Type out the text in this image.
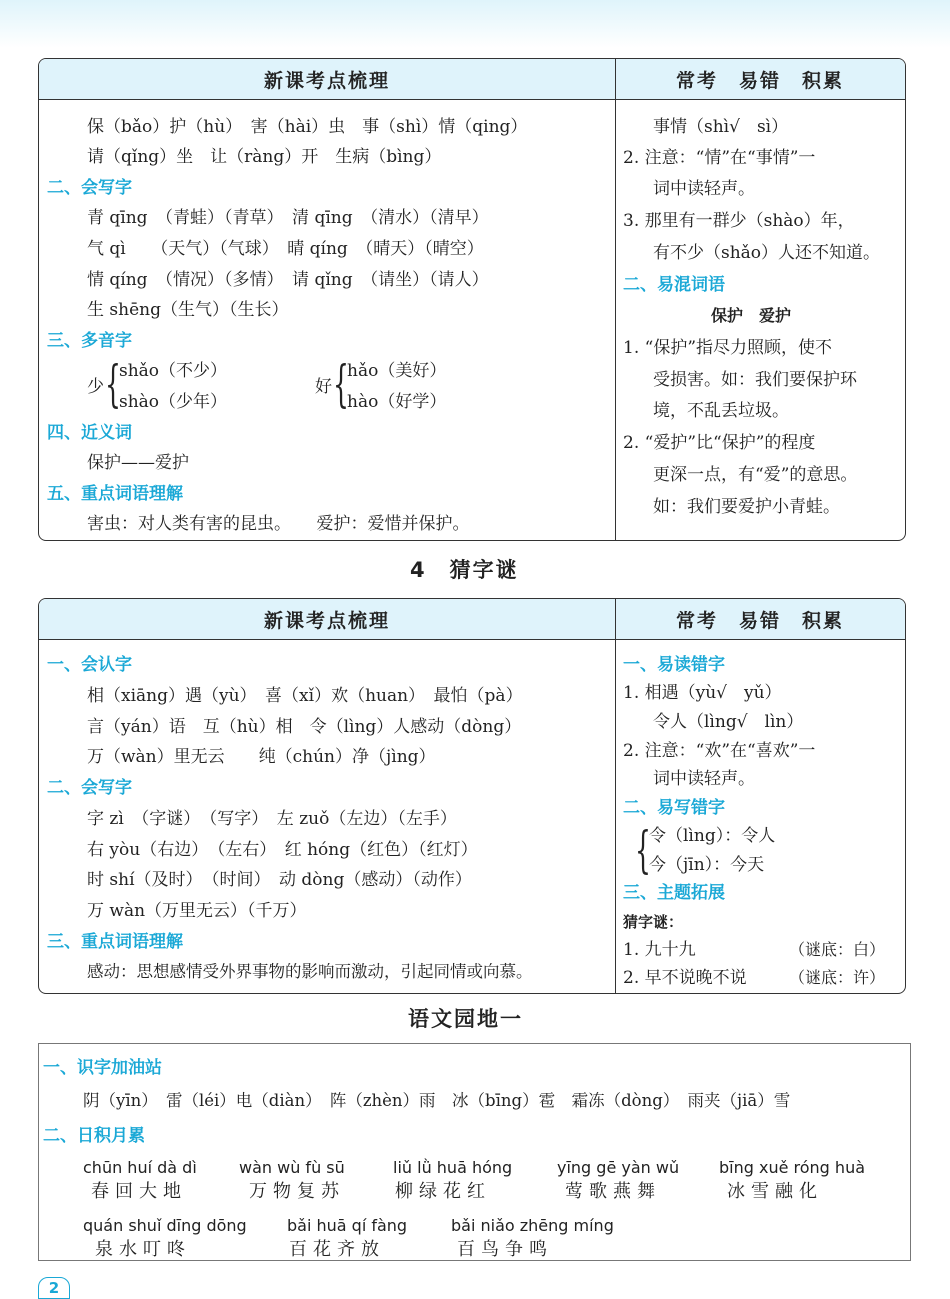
新课考点梳理	常考　易错　积累
保（bǎo）护（hù）　害（hài）虫　事（shì）情（qing）
请（qǐng）坐　让（ràng）开　生病（bìng）
二、会写字
青 qīng　（青蛙）（青草）　清 qīng　（清水）（清早）
气 qì　　（天气）（气球）　晴 qíng　（晴天）（晴空）
情 qíng　（情况）（多情）　请 qǐng　（请坐）（请人）
生 shēng（生气）（生长）
三、多音字
少 {
shǎo（不少）
shào（少年）
好 {
hǎo（美好）
hào（好学）
四、近义词
保护——爱护
五、重点词语理解
害虫：对人类有害的昆虫。　　爱护：爱惜并保护。
事情（shì√　sì）
2. 注意：“情”在“事情”一
词中读轻声。
3. 那里有一群少（shào）年，
有不少（shǎo）人还不知道。
二、易混词语
保护　爱护
1. “保护”指尽力照顾，使不
受损害。如：我们要保护环
境，不乱丢垃圾。
2. “爱护”比“保护”的程度
更深一点，有“爱”的意思。
如：我们要爱护小青蛙。
4　猜字谜
新课考点梳理	常考　易错　积累
一、会认字
相（xiāng）遇（yù）　喜（xǐ）欢（huan）　最怕（pà）
言（yán）语　互（hù）相　令（lìng）人感动（dòng）
万（wàn）里无云　　纯（chún）净（jìng）
二、会写字
字 zì　（字谜）　（写字）　左 zuǒ（左边）（左手）
右 yòu（右边）　（左右）　红 hóng（红色）（红灯）
时 shí（及时）　（时间）　动 dòng（感动）（动作）
万 wàn（万里无云）（千万）
三、重点词语理解
感动：思想感情受外界事物的影响而激动，引起同情或向慕。
一、易读错字
1. 相遇（yù√　yǔ）
令人（lìng√　lìn）
2. 注意：“欢”在“喜欢”一
词中读轻声。
二、易写错字
{
令（lìng）：令人
今（jīn）：今天
三、主题拓展
猜字谜：
1. 九十九	（谜底：白）
2. 早不说晚不说	（谜底：许）
语文园地一
一、识字加油站
阴（yīn）　雷（léi）电（diàn）　阵（zhèn）雨　冰（bīng）雹　霜冻（dòng）　雨夹（jiā）雪
二、日积月累
chūn huí dà dì
春回大地
wàn wù fù sū
万物复苏
liǔ lǜ huā hóng
柳绿花红
yīng gē yàn wǔ
莺歌燕舞
bīng xuě róng huà
冰雪融化
quán shuǐ dīng dōng
泉水叮咚
bǎi huā qí fàng
百花齐放
bǎi niǎo zhēng míng
百鸟争鸣
2
